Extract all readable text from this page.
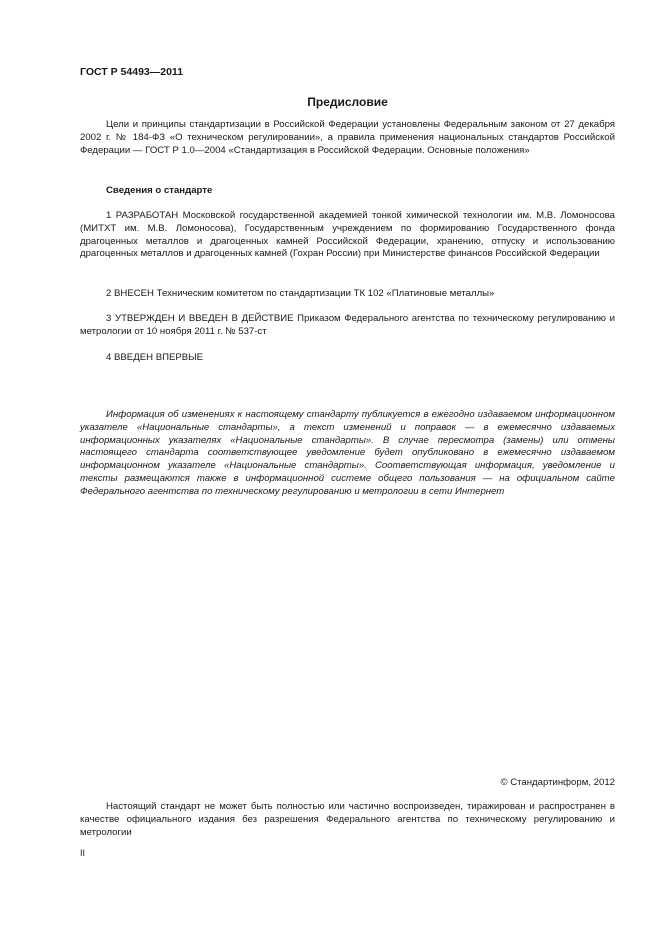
ГОСТ Р 54493—2011
Предисловие

Цели и принципы стандартизации в Российской Федерации установлены Федеральным законом от 27 декабря 2002 г. № 184-ФЗ «О техническом регулировании», а правила применения национальных стандартов Российской Федерации — ГОСТ Р 1.0—2004 «Стандартизация в Российской Федерации. Основные положения»

Сведения о стандарте

1 РАЗРАБОТАН Московской государственной академией тонкой химической технологии им. М.В. Ломоносова (МИТХТ им. М.В. Ломоносова), Государственным учреждением по формированию Государственного фонда драгоценных металлов и драгоценных камней Российской Федерации, хранению, отпуску и использованию драгоценных металлов и драгоценных камней (Гохран России) при Министерстве финансов Российской Федерации

2 ВНЕСЕН Техническим комитетом по стандартизации ТК 102 «Платиновые металлы»

3 УТВЕРЖДЕН И ВВЕДЕН В ДЕЙСТВИЕ Приказом Федерального агентства по техническому регулированию и метрологии от 10 ноября 2011 г. № 537-ст

4 ВВЕДЕН ВПЕРВЫЕ

Информация об изменениях к настоящему стандарту публикуется в ежегодно издаваемом информационном указателе «Национальные стандарты», а текст изменений и поправок — в ежемесячно издаваемых информационных указателях «Национальные стандарты». В случае пересмотра (замены) или отмены настоящего стандарта соответствующее уведомление будет опубликовано в ежемесячно издаваемом информационном указателе «Национальные стандарты». Соответствующая информация, уведомление и тексты размещаются также в информационной системе общего пользования — на официальном сайте Федерального агентства по техническому регулированию и метрологии в сети Интернет

© Стандартинформ, 2012

Настоящий стандарт не может быть полностью или частично воспроизведен, тиражирован и распространен в качестве официального издания без разрешения Федерального агентства по техническому регулированию и метрологии

II
